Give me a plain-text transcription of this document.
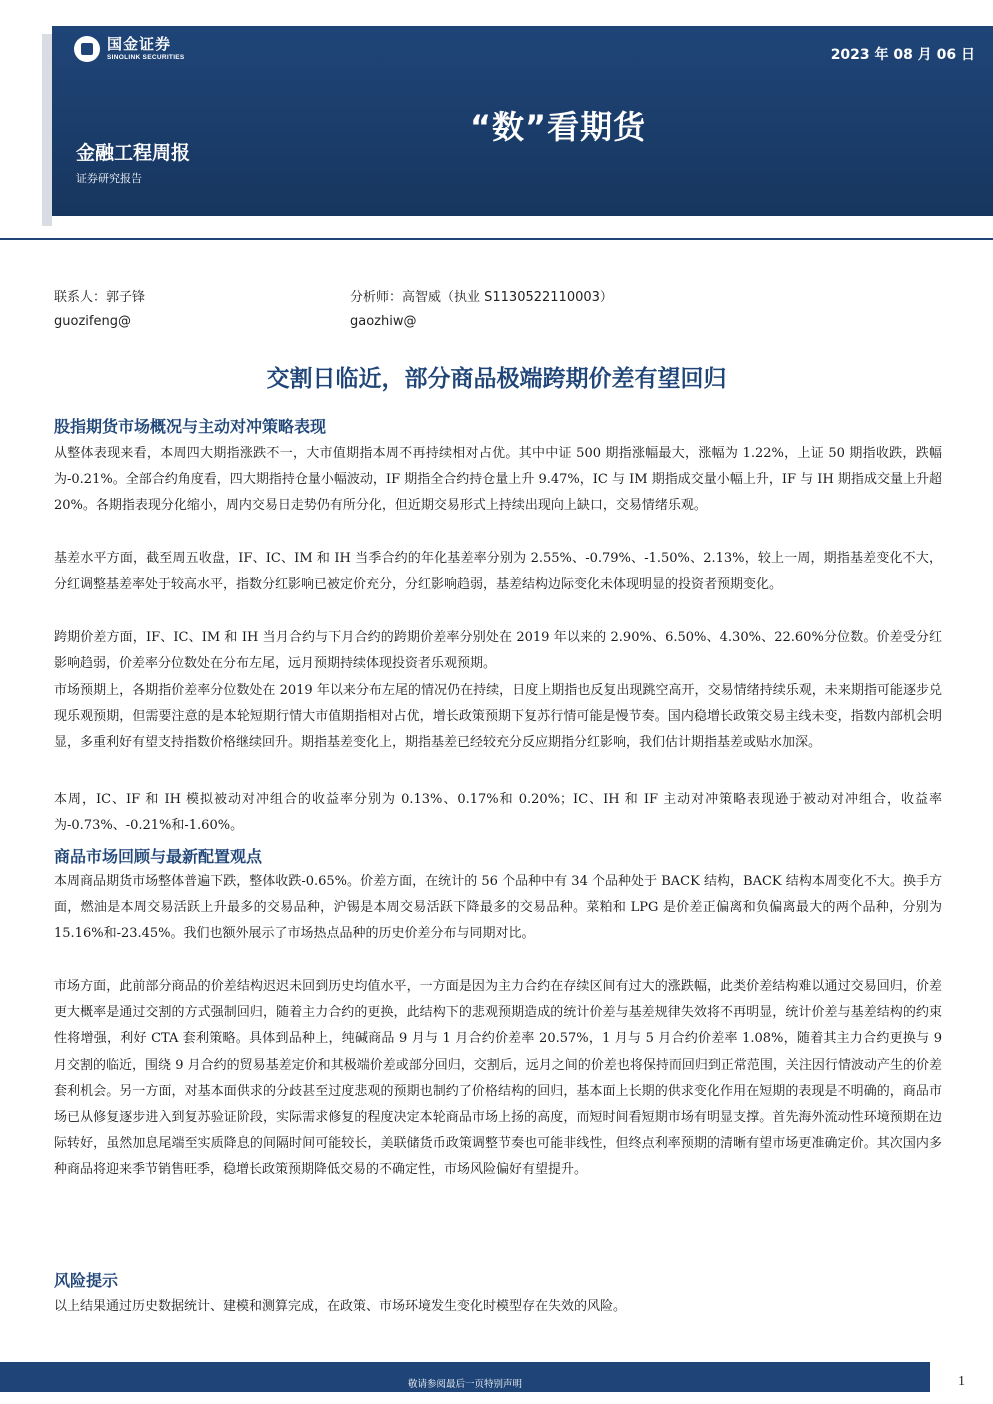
国金证券
SINOLINK SECURITIES	2023 年 08 月 06 日
“数”看期货
金融工程周报
证券研究报告
联系人：郭子锋
guozifeng@
分析师：高智威（执业 S1130522110003）
gaozhiw@
交割日临近，部分商品极端跨期价差有望回归
股指期货市场概况与主动对冲策略表现

从整体表现来看，本周四大期指涨跌不一，大市值期指本周不再持续相对占优。其中中证 500 期指涨幅最大，涨幅为 1.22%，上证 50 期指收跌，跌幅为-0.21%。全部合约角度看，四大期指持仓量小幅波动，IF 期指全合约持仓量上升 9.47%，IC 与 IM 期指成交量小幅上升，IF 与 IH 期指成交量上升超 20%。各期指表现分化缩小，周内交易日走势仍有所分化，但近期交易形式上持续出现向上缺口，交易情绪乐观。

基差水平方面，截至周五收盘，IF、IC、IM 和 IH 当季合约的年化基差率分别为 2.55%、-0.79%、-1.50%、2.13%，较上一周，期指基差变化不大，分红调整基差率处于较高水平，指数分红影响已被定价充分，分红影响趋弱，基差结构边际变化未体现明显的投资者预期变化。

跨期价差方面，IF、IC、IM 和 IH 当月合约与下月合约的跨期价差率分别处在 2019 年以来的 2.90%、6.50%、4.30%、22.60%分位数。价差受分红影响趋弱，价差率分位数处在分布左尾，远月预期持续体现投资者乐观预期。

市场预期上，各期指价差率分位数处在 2019 年以来分布左尾的情况仍在持续，日度上期指也反复出现跳空高开，交易情绪持续乐观，未来期指可能逐步兑现乐观预期，但需要注意的是本轮短期行情大市值期指相对占优，增长政策预期下复苏行情可能是慢节奏。国内稳增长政策交易主线未变，指数内部机会明显，多重利好有望支持指数价格继续回升。期指基差变化上，期指基差已经较充分反应期指分红影响，我们估计期指基差或贴水加深。

本周，IC、IF 和 IH 模拟被动对冲组合的收益率分别为 0.13%、0.17%和 0.20%；IC、IH 和 IF 主动对冲策略表现逊于被动对冲组合，收益率为-0.73%、-0.21%和-1.60%。

商品市场回顾与最新配置观点

本周商品期货市场整体普遍下跌，整体收跌-0.65%。价差方面，在统计的 56 个品种中有 34 个品种处于 BACK 结构，BACK 结构本周变化不大。换手方面，燃油是本周交易活跃上升最多的交易品种，沪锡是本周交易活跃下降最多的交易品种。菜粕和 LPG 是价差正偏离和负偏离最大的两个品种，分别为 15.16%和-23.45%。我们也额外展示了市场热点品种的历史价差分布与同期对比。

市场方面，此前部分商品的价差结构迟迟未回到历史均值水平，一方面是因为主力合约在存续区间有过大的涨跌幅，此类价差结构难以通过交易回归，价差更大概率是通过交割的方式强制回归，随着主力合约的更换，此结构下的悲观预期造成的统计价差与基差规律失效将不再明显，统计价差与基差结构的约束性将增强，利好 CTA 套利策略。具体到品种上，纯碱商品 9 月与 1 月合约价差率 20.57%，1 月与 5 月合约价差率 1.08%，随着其主力合约更换与 9 月交割的临近，围绕 9 月合约的贸易基差定价和其极端价差或部分回归，交割后，远月之间的价差也将保持而回归到正常范围，关注因行情波动产生的价差套利机会。另一方面，对基本面供求的分歧甚至过度悲观的预期也制约了价格结构的回归，基本面上长期的供求变化作用在短期的表现是不明确的，商品市场已从修复逐步进入到复苏验证阶段，实际需求修复的程度决定本轮商品市场上扬的高度，而短时间看短期市场有明显支撑。首先海外流动性环境预期在边际转好，虽然加息尾端至实质降息的间隔时间可能较长，美联储货币政策调整节奏也可能非线性，但终点利率预期的清晰有望市场更准确定价。其次国内多种商品将迎来季节销售旺季，稳增长政策预期降低交易的不确定性，市场风险偏好有望提升。

风险提示

以上结果通过历史数据统计、建模和测算完成，在政策、市场环境发生变化时模型存在失效的风险。

敬请参阅最后一页特别声明	1
